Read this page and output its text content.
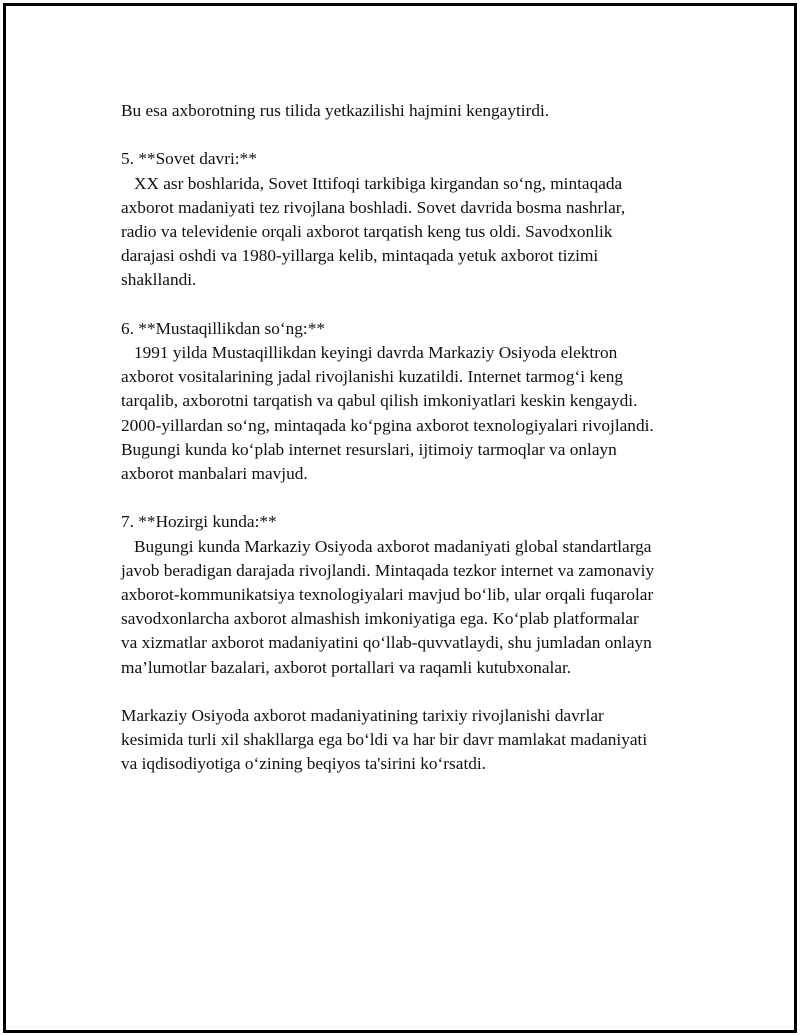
Bu esa axborotning rus tilida yetkazilishi hajmini kengaytirdi.
5. **Sovet davri:**
XX asr boshlarida, Sovet Ittifoqi tarkibiga kirgandan so‘ng, mintaqada
axborot madaniyati tez rivojlana boshladi. Sovet davrida bosma nashrlar,
radio va televidenie orqali axborot tarqatish keng tus oldi. Savodxonlik
darajasi oshdi va 1980-yillarga kelib, mintaqada yetuk axborot tizimi
shakllandi.
6. **Mustaqillikdan so‘ng:**
1991 yilda Mustaqillikdan keyingi davrda Markaziy Osiyoda elektron
axborot vositalarining jadal rivojlanishi kuzatildi. Internet tarmog‘i keng
tarqalib, axborotni tarqatish va qabul qilish imkoniyatlari keskin kengaydi.
2000-yillardan so‘ng, mintaqada ko‘pgina axborot texnologiyalari rivojlandi.
Bugungi kunda ko‘plab internet resurslari, ijtimoiy tarmoqlar va onlayn
axborot manbalari mavjud.
7. **Hozirgi kunda:**
Bugungi kunda Markaziy Osiyoda axborot madaniyati global standartlarga
javob beradigan darajada rivojlandi. Mintaqada tezkor internet va zamonaviy
axborot-kommunikatsiya texnologiyalari mavjud bo‘lib, ular orqali fuqarolar
savodxonlarcha axborot almashish imkoniyatiga ega. Ko‘plab platformalar
va xizmatlar axborot madaniyatini qo‘llab-quvvatlaydi, shu jumladan onlayn
ma’lumotlar bazalari, axborot portallari va raqamli kutubxonalar.
Markaziy Osiyoda axborot madaniyatining tarixiy rivojlanishi davrlar
kesimida turli xil shakllarga ega bo‘ldi va har bir davr mamlakat madaniyati
va iqdisodiyotiga o‘zining beqiyos ta'sirini ko‘rsatdi.
